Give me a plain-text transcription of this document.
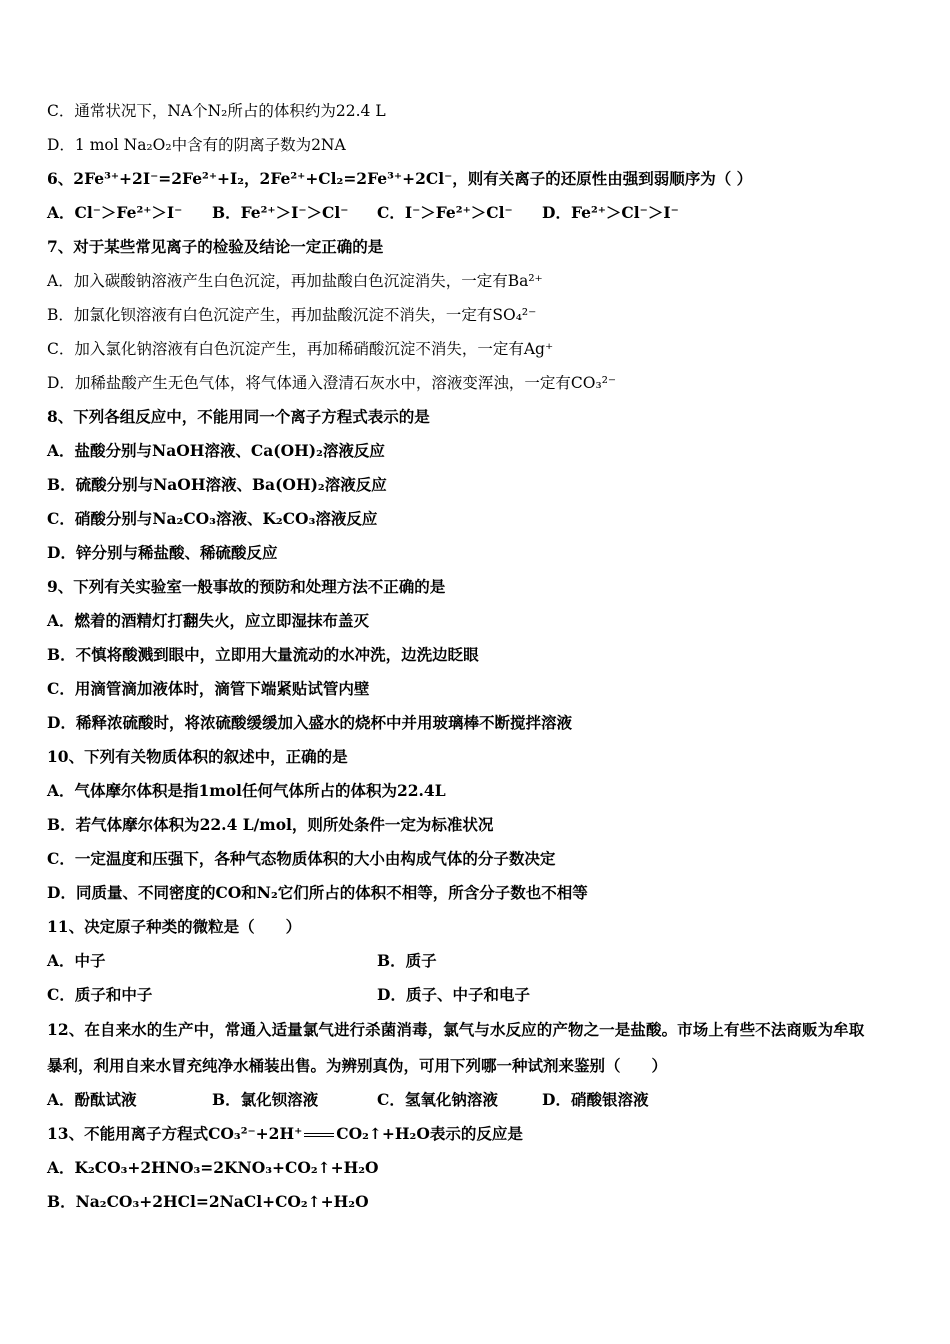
C．通常状况下，NA个N₂所占的体积约为22.4 L
D．1 mol Na₂O₂中含有的阴离子数为2NA
6、2Fe³⁺+2I⁻=2Fe²⁺+I₂，2Fe²⁺+Cl₂=2Fe³⁺+2Cl⁻，则有关离子的还原性由强到弱顺序为（ ）
A．Cl⁻＞Fe²⁺＞I⁻ B．Fe²⁺＞I⁻＞Cl⁻ C．I⁻＞Fe²⁺＞Cl⁻ D．Fe²⁺＞Cl⁻＞I⁻
7、对于某些常见离子的检验及结论一定正确的是
A．加入碳酸钠溶液产生白色沉淀，再加盐酸白色沉淀消失，一定有Ba²⁺
B．加氯化钡溶液有白色沉淀产生，再加盐酸沉淀不消失，一定有SO₄²⁻
C．加入氯化钠溶液有白色沉淀产生，再加稀硝酸沉淀不消失，一定有Ag⁺
D．加稀盐酸产生无色气体，将气体通入澄清石灰水中，溶液变浑浊，一定有CO₃²⁻
8、下列各组反应中，不能用同一个离子方程式表示的是
A．盐酸分别与NaOH溶液、Ca(OH)₂溶液反应
B．硫酸分别与NaOH溶液、Ba(OH)₂溶液反应
C．硝酸分别与Na₂CO₃溶液、K₂CO₃溶液反应
D．锌分别与稀盐酸、稀硫酸反应
9、下列有关实验室一般事故的预防和处理方法不正确的是
A．燃着的酒精灯打翻失火，应立即湿抹布盖灭
B．不慎将酸溅到眼中，立即用大量流动的水冲洗，边洗边眨眼
C．用滴管滴加液体时，滴管下端紧贴试管内壁
D．稀释浓硫酸时，将浓硫酸缓缓加入盛水的烧杯中并用玻璃棒不断搅拌溶液
10、下列有关物质体积的叙述中，正确的是
A．气体摩尔体积是指1mol任何气体所占的体积为22.4L
B．若气体摩尔体积为22.4 L/mol，则所处条件一定为标准状况
C．一定温度和压强下，各种气态物质体积的大小由构成气体的分子数决定
D．同质量、不同密度的CO和N₂它们所占的体积不相等，所含分子数也不相等
11、决定原子种类的微粒是（　　）
A．中子	B．质子
C．质子和中子	D．质子、中子和电子
12、在自来水的生产中，常通入适量氯气进行杀菌消毒，氯气与水反应的产物之一是盐酸。市场上有些不法商贩为牟取
暴利，利用自来水冒充纯净水桶装出售。为辨别真伪，可用下列哪一种试剂来鉴别（　　）
A．酚酞试液	B．氯化钡溶液	C．氢氧化钠溶液	D．硝酸银溶液
13、不能用离子方程式CO₃²⁻+2H⁺ CO₂↑+H₂O表示的反应是
A．K₂CO₃+2HNO₃=2KNO₃+CO₂↑+H₂O
B．Na₂CO₃+2HCl=2NaCl+CO₂↑+H₂O
